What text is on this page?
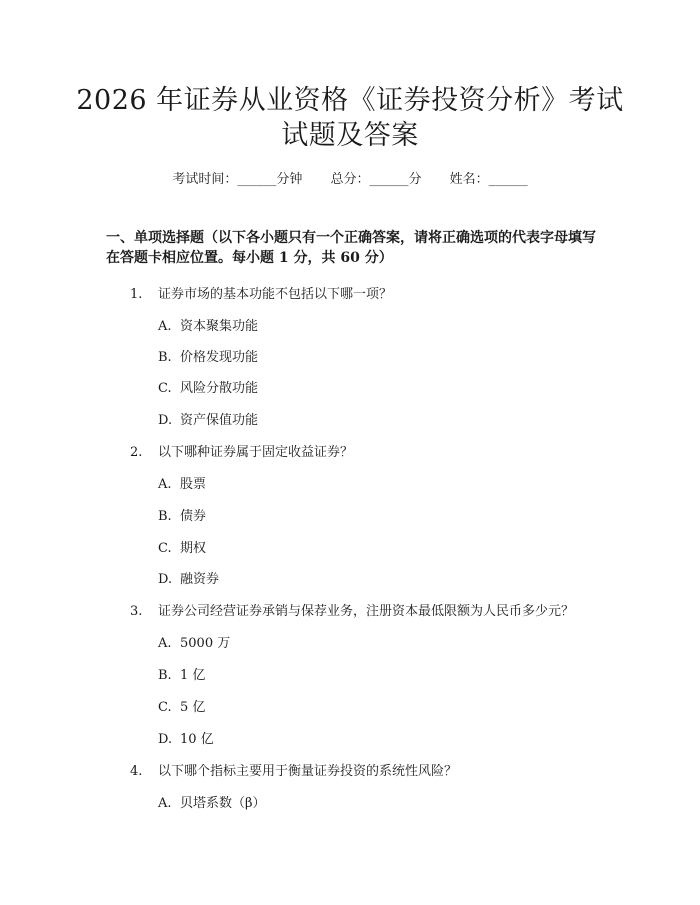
2026 年证券从业资格《证券投资分析》考试
试题及答案
考试时间：______分钟 总分：______分 姓名：______
一、单项选择题（以下各小题只有一个正确答案，请将正确选项的代表字母填写
在答题卡相应位置。每小题 1 分，共 60 分）
1. 证券市场的基本功能不包括以下哪一项？
A. 资本聚集功能
B. 价格发现功能
C. 风险分散功能
D. 资产保值功能
2. 以下哪种证券属于固定收益证券？
A. 股票
B. 债券
C. 期权
D. 融资券
3. 证券公司经营证券承销与保荐业务，注册资本最低限额为人民币多少元？
A. 5000 万
B. 1 亿
C. 5 亿
D. 10 亿
4. 以下哪个指标主要用于衡量证券投资的系统性风险？
A. 贝塔系数（β）
